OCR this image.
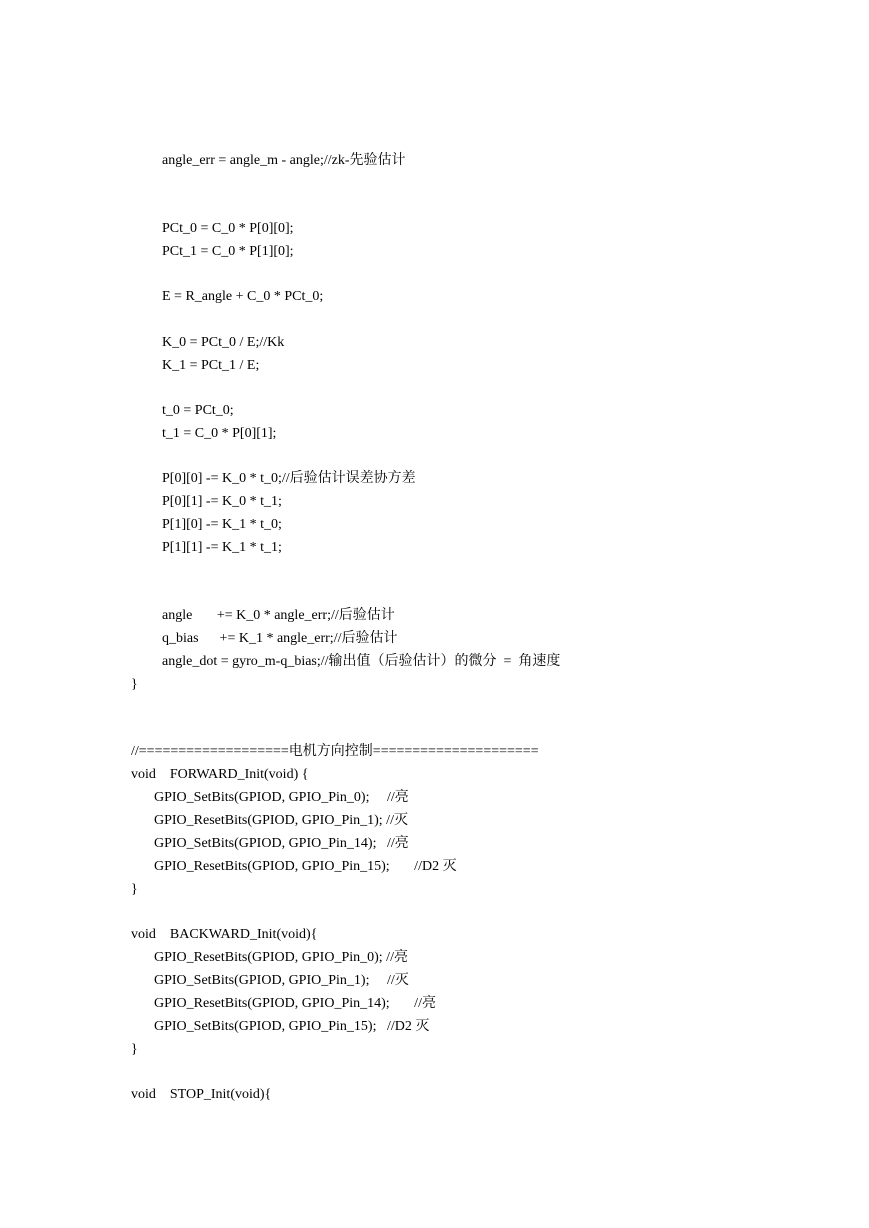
angle_err = angle_m - angle;//zk-先验估计
PCt_0 = C_0 * P[0][0];
PCt_1 = C_0 * P[1][0];
E = R_angle + C_0 * PCt_0;
K_0 = PCt_0 / E;//Kk
K_1 = PCt_1 / E;
t_0 = PCt_0;
t_1 = C_0 * P[0][1];
P[0][0] -= K_0 * t_0;//后验估计误差协方差
P[0][1] -= K_0 * t_1;
P[1][0] -= K_1 * t_0;
P[1][1] -= K_1 * t_1;
angle       += K_0 * angle_err;//后验估计
q_bias      += K_1 * angle_err;//后验估计
angle_dot = gyro_m-q_bias;//输出值（后验估计）的微分  =  角速度
}
//===================电机方向控制=====================
void    FORWARD_Init(void) {
GPIO_SetBits(GPIOD, GPIO_Pin_0);     //亮
GPIO_ResetBits(GPIOD, GPIO_Pin_1); //灭
GPIO_SetBits(GPIOD, GPIO_Pin_14);   //亮
GPIO_ResetBits(GPIOD, GPIO_Pin_15);       //D2 灭
}
void    BACKWARD_Init(void){
GPIO_ResetBits(GPIOD, GPIO_Pin_0); //亮
GPIO_SetBits(GPIOD, GPIO_Pin_1);     //灭
GPIO_ResetBits(GPIOD, GPIO_Pin_14);       //亮
GPIO_SetBits(GPIOD, GPIO_Pin_15);   //D2 灭
}
void    STOP_Init(void){
